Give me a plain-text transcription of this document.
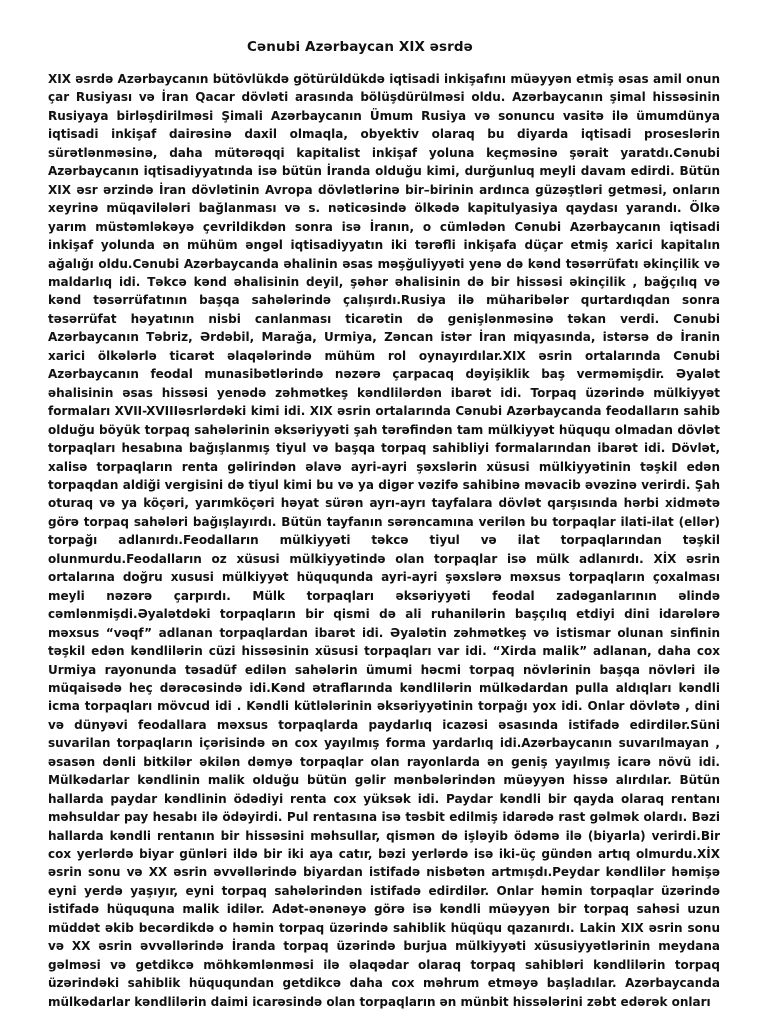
Cənubi Azərbaycan XIX əsrdə
XIX əsrdə Azərbaycanın bütövlükdə götürüldükdə iqtisadi inkişafını müəyyən etmiş əsas amil onun çar Rusiyası və İran Qacar dövləti arasında bölüşdürülməsi oldu. Azərbaycanın şimal hissəsinin Rusiyaya birləşdirilməsi Şimali Azərbaycanın Ümum Rusiya və sonuncu vasitə ilə ümumdünya iqtisadi inkişaf dairəsinə daxil olmaqla, obyektiv olaraq bu diyarda iqtisadi proseslərin sürətlənməsinə, daha mütərəqqi kapitalist inkişaf yoluna keçməsinə şərait yaratdı.Cənubi Azərbaycanın iqtisadiyyatında isə bütün İranda olduğu kimi, durğunluq meyli davam edirdi. Bütün XIX əsr ərzində İran dövlətinin Avropa dövlətlərinə bir–birinin ardınca güzəştləri getməsi, onların xeyrinə müqavilələri bağlanması və s. nəticəsində ölkədə kapitulyasiya qaydası yarandı. Ölkə yarım müstəmləkəyə çevrildikdən sonra isə İranın, o cümlədən Cənubi Azərbaycanın iqtisadi inkişaf yolunda ən mühüm əngəl iqtisadiyyatın iki tərəfli inkişafa düçar etmiş xarici kapitalın ağalığı oldu.Cənubi Azərbaycanda əhalinin əsas məşğuliyyəti yenə də kənd təsərrüfatı əkinçilik və maldarlıq idi. Təkcə kənd əhalisinin deyil, şəhər əhalisinin də bir hissəsi əkinçilik , bağçılıq və kənd təsərrüfatının başqa sahələrində çalışırdı.Rusiya ilə müharibələr qurtardıqdan sonra təsərrüfat həyatının nisbi canlanması ticarətin də genişlənməsinə təkan verdi. Cənubi Azərbaycanın Təbriz, Ərdəbil, Marağa, Urmiya, Zəncan istər İran miqyasında, istərsə də İranin xarici ölkələrlə ticarət əlaqələrində mühüm rol oynayırdılar.XIX əsrin ortalarında Cənubi Azərbaycanın feodal munasibətlərində nəzərə çarpacaq dəyişiklik baş verməmişdir. Əyalət əhalisinin əsas hissəsi yenədə zəhmətkeş kəndlilərdən ibarət idi. Torpaq üzərində mülkiyyət formaları XVII-XVIIIəsrlərdəki kimi idi. XIX əsrin ortalarında Cənubi Azərbaycanda feodalların sahib olduğu böyük torpaq sahələrinin əksəriyyəti şah tərəfindən tam mülkiyyət hüququ olmadan dövlət torpaqları hesabına bağışlanmış tiyul və başqa torpaq sahibliyi formalarından ibarət idi. Dövlət, xalisə torpaqların renta gəlirindən əlavə ayri-ayri şəxslərin xüsusi mülkiyyətinin təşkil edən torpaqdan aldiği vergisini də tiyul kimi bu və ya digər vəzifə sahibinə məvacib əvəzinə verirdi. Şah oturaq və ya köçəri, yarımköçəri həyat sürən ayrı-ayrı tayfalara dövlət qarşısında hərbi xidmətə görə torpaq sahələri bağışlayırdı. Bütün tayfanın sərəncamına verilən bu torpaqlar ilati-ilat (ellər) torpağı adlanırdı.Feodalların mülkiyyəti təkcə tiyul və ilat torpaqlarından təşkil olunmurdu.Feodalların oz xüsusi mülkiyyətində olan torpaqlar isə mülk adlanırdı. XİX əsrin ortalarına doğru xususi mülkiyyət hüququnda ayri-ayri şəxslərə məxsus torpaqların çoxalması meyli nəzərə çarpırdı. Mülk torpaqları əksəriyyəti feodal zadəganlarının əlində cəmlənmişdi.Əyalətdəki torpaqların bir qismi də ali ruhanilərin başçılıq etdiyi dini idarələrə məxsus “vəqf” adlanan torpaqlardan ibarət idi. Əyalətin zəhmətkeş və istismar olunan sinfinin təşkil edən kəndlilərin cüzi hissəsinin xüsusi torpaqları var idi. “Xirda malik” adlanan, daha cox Urmiya rayonunda təsadüf edilən sahələrin ümumi həcmi torpaq növlərinin başqa növləri ilə müqaisədə heç dərəcəsində idi.Kənd ətraflarında kəndlilərin mülkədardan pulla aldıqları kəndli icma torpaqları mövcud idi . Kəndli kütlələrinin əksəriyyətinin torpağı yox idi. Onlar dövlətə , dini və dünyəvi feodallara məxsus torpaqlarda paydarlıq icazəsi əsasında istifadə edirdilər.Süni suvarilan torpaqların içərisində ən cox yayılmış forma yardarlıq idi.Azərbaycanın suvarılmayan , əsasən dənli bitkilər əkilən dəmyə torpaqlar olan rayonlarda ən geniş yayılmış icarə növü idi. Mülkədarlar kəndlinin malik olduğu bütün gəlir mənbələrindən müəyyən hissə alırdılar. Bütün hallarda paydar kəndlinin ödədiyi renta cox yüksək idi. Paydar kəndli bir qayda olaraq rentanı məhsuldar pay hesabı ilə ödəyirdi. Pul rentasına isə təsbit edilmiş idarədə rast gəlmək olardı. Bəzi hallarda kəndli rentanın bir hissəsini məhsullar, qismən də işləyib ödəmə ilə (biyarla) verirdi.Bir cox yerlərdə biyar günləri ildə bir iki aya catır, bəzi yerlərdə isə iki-üç gündən artıq olmurdu.XİX əsrin sonu və XX əsrin əvvəllərində biyardan istifadə nisbətən artmışdı.Peydar kəndlilər həmişə eyni yerdə yaşıyır, eyni torpaq sahələrindən istifadə edirdilər. Onlar həmin torpaqlar üzərində istifadə hüququna malik idilər. Adət-ənənəyə görə isə kəndli müəyyən bir torpaq sahəsi uzun müddət əkib becərdikdə o həmin torpaq üzərində sahiblik hüqüqu qazanırdı. Lakin XIX əsrin sonu və XX əsrin əvvəllərində İranda torpaq üzərində burjua mülkiyyəti xüsusiyyətlərinin meydana gəlməsi və getdikcə möhkəmlənməsi ilə əlaqədar olaraq torpaq sahibləri kəndlilərin torpaq üzərindəki sahiblik hüququndan getdikcə daha cox məhrum etməyə başladılar. Azərbaycanda mülkədarlar kəndlilərin daimi icarəsində olan torpaqların ən münbit hissələrini zəbt edərək onları
